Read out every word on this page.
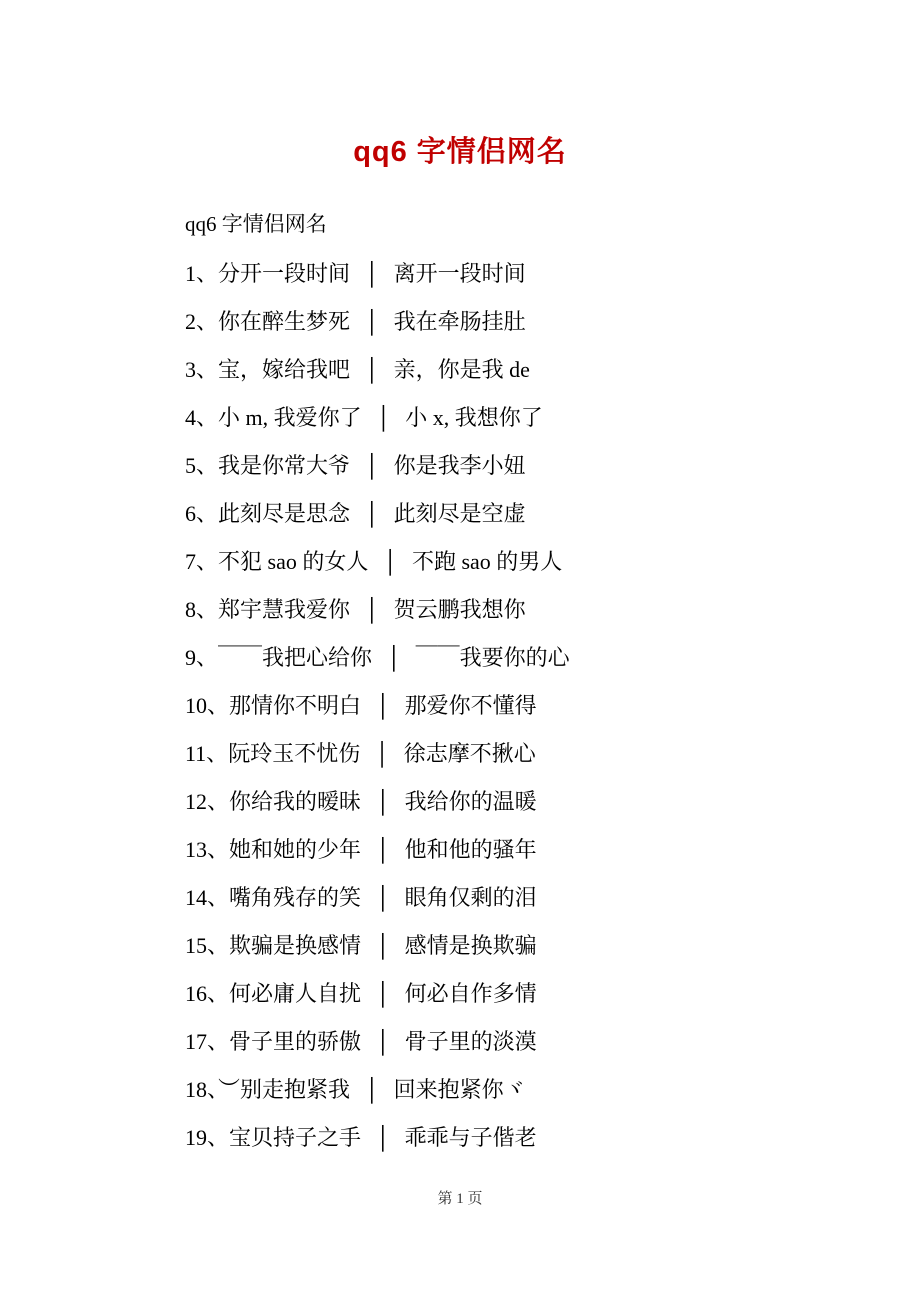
qq6 字情侣网名

qq6 字情侣网名

1、分开一段时间 │ 离开一段时间

2、你在醉生梦死 │ 我在牵肠挂肚

3、宝，嫁给我吧 │ 亲，你是我 de

4、小 m, 我爱你了 │ 小 x, 我想你了

5、我是你常大爷 │ 你是我李小妞

6、此刻尽是思念 │ 此刻尽是空虚

7、不犯 sao 的女人 │ 不跑 sao 的男人

8、郑宇慧我爱你 │ 贺云鹏我想你

9、￣￣我把心给你 │ ￣￣我要你的心

10、那情你不明白 │ 那爱你不懂得

11、阮玲玉不忧伤 │ 徐志摩不揪心

12、你给我的暧昧 │ 我给你的温暖

13、她和她的少年 │ 他和他的骚年

14、嘴角残存的笑 │ 眼角仅剩的泪

15、欺骗是换感情 │ 感情是换欺骗

16、何必庸人自扰 │ 何必自作多情

17、骨子里的骄傲 │ 骨子里的淡漠

18、︶别走抱紧我 │ 回来抱紧你ヾ

19、宝贝持子之手 │ 乖乖与子偕老

第 1 页
